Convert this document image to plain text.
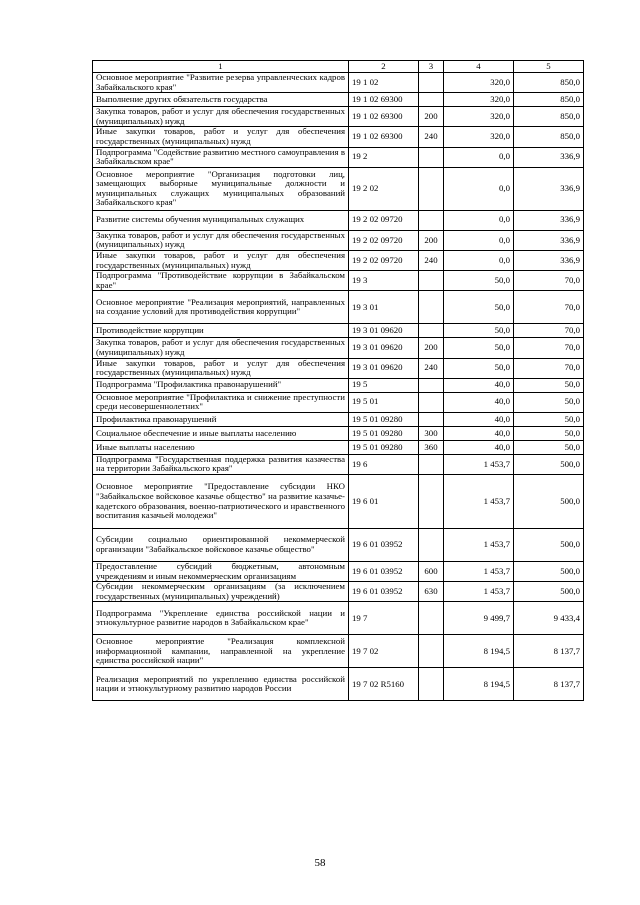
1	2	3	4	5
Основное мероприятие "Развитие резерва управленческих кадров Забайкальского края"	19 1 02		320,0	850,0
Выполнение других обязательств государства	19 1 02 69300		320,0	850,0
Закупка товаров, работ и услуг для обеспечения государственных (муниципальных) нужд	19 1 02 69300	200	320,0	850,0
Иные закупки товаров, работ и услуг для обеспечения государственных (муниципальных) нужд	19 1 02 69300	240	320,0	850,0
Подпрограмма "Содействие развитию местного самоуправления в Забайкальском крае"	19 2		0,0	336,9
Основное мероприятие "Организация подготовки лиц, замещающих выборные муниципальные должности и муниципальных служащих муниципальных образований Забайкальского края"	19 2 02		0,0	336,9
Развитие системы обучения муниципальных служащих	19 2 02 09720		0,0	336,9
Закупка товаров, работ и услуг для обеспечения государственных (муниципальных) нужд	19 2 02 09720	200	0,0	336,9
Иные закупки товаров, работ и услуг для обеспечения государственных (муниципальных) нужд	19 2 02 09720	240	0,0	336,9
Подпрограмма "Противодействие коррупции в Забайкальском крае"	19 3		50,0	70,0
Основное мероприятие "Реализация мероприятий, направленных на создание условий для противодействия коррупции"	19 3 01		50,0	70,0
Противодействие коррупции	19 3 01 09620		50,0	70,0
Закупка товаров, работ и услуг для обеспечения государственных (муниципальных) нужд	19 3 01 09620	200	50,0	70,0
Иные закупки товаров, работ и услуг для обеспечения государственных (муниципальных) нужд	19 3 01 09620	240	50,0	70,0
Подпрограмма "Профилактика правонарушений"	19 5		40,0	50,0
Основное мероприятие "Профилактика и снижение преступности среди несовершеннолетних"	19 5 01		40,0	50,0
Профилактика правонарушений	19 5 01 09280		40,0	50,0
Социальное обеспечение и иные выплаты населению	19 5 01 09280	300	40,0	50,0
Иные выплаты населению	19 5 01 09280	360	40,0	50,0
Подпрограмма "Государственная поддержка развития казачества на территории Забайкальского края"	19 6		1 453,7	500,0
Основное мероприятие "Предоставление субсидии НКО "Забайкальское войсковое казачье общество" на развитие казачье-кадетского образования, военно-патриотического и нравственного воспитания казачьей молодежи"	19 6 01		1 453,7	500,0
Субсидии социально ориентированной некоммерческой организации "Забайкальское войсковое казачье общество"	19 6 01 03952		1 453,7	500,0
Предоставление субсидий бюджетным, автономным учреждениям и иным некоммерческим организациям	19 6 01 03952	600	1 453,7	500,0
Субсидии некоммерческим организациям (за исключением государственных (муниципальных) учреждений)	19 6 01 03952	630	1 453,7	500,0
Подпрограмма "Укрепление единства российской нации и этнокультурное развитие народов в Забайкальском крае"	19 7		9 499,7	9 433,4
Основное мероприятие "Реализация комплексной информационной кампании, направленной на укрепление единства российской нации"	19 7 02		8 194,5	8 137,7
Реализация мероприятий по укреплению единства российской нации и этнокультурному развитию народов России	19 7 02 R5160		8 194,5	8 137,7
58
